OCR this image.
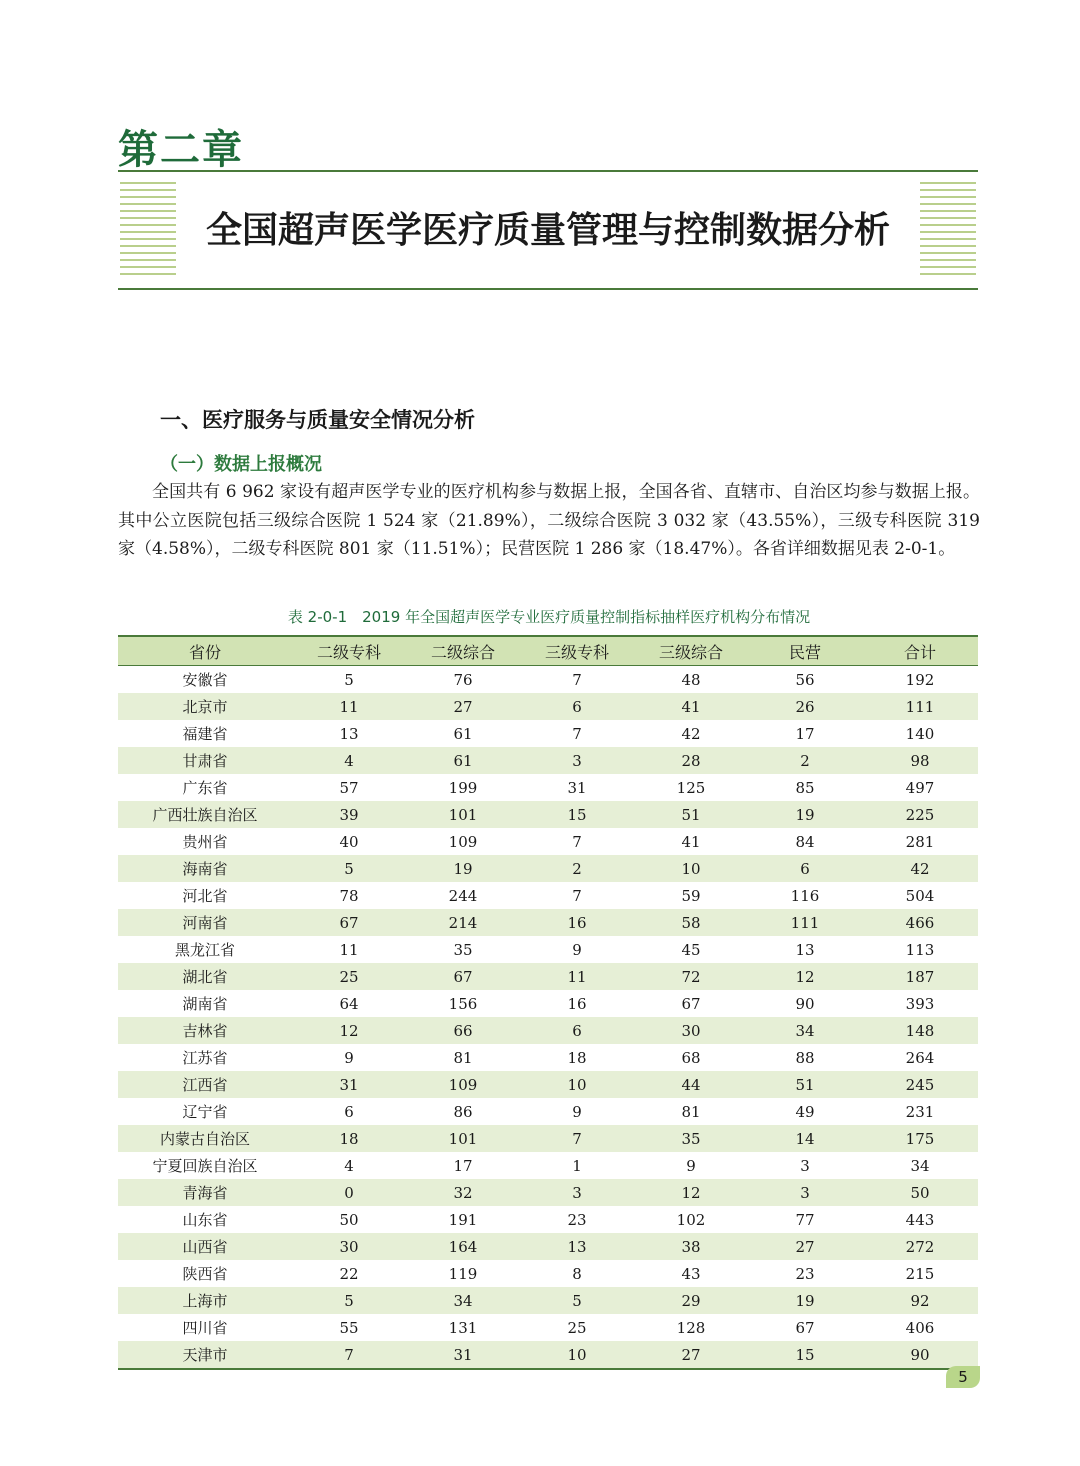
第二章
全国超声医学医疗质量管理与控制数据分析
一、医疗服务与质量安全情况分析
（一）数据上报概况

全国共有 6 962 家设有超声医学专业的医疗机构参与数据上报，全国各省、直辖市、自治区均参与数据上报。其中公立医院包括三级综合医院 1 524 家（21.89%），二级综合医院 3 032 家（43.55%），三级专科医院 319 家（4.58%），二级专科医院 801 家（11.51%）；民营医院 1 286 家（18.47%）。各省详细数据见表 2-0-1。

表 2-0-1　2019 年全国超声医学专业医疗质量控制指标抽样医疗机构分布情况

省份	二级专科	二级综合	三级专科	三级综合	民营	合计
安徽省	5	76	7	48	56	192
北京市	11	27	6	41	26	111
福建省	13	61	7	42	17	140
甘肃省	4	61	3	28	2	98
广东省	57	199	31	125	85	497
广西壮族自治区	39	101	15	51	19	225
贵州省	40	109	7	41	84	281
海南省	5	19	2	10	6	42
河北省	78	244	7	59	116	504
河南省	67	214	16	58	111	466
黑龙江省	11	35	9	45	13	113
湖北省	25	67	11	72	12	187
湖南省	64	156	16	67	90	393
吉林省	12	66	6	30	34	148
江苏省	9	81	18	68	88	264
江西省	31	109	10	44	51	245
辽宁省	6	86	9	81	49	231
内蒙古自治区	18	101	7	35	14	175
宁夏回族自治区	4	17	1	9	3	34
青海省	0	32	3	12	3	50
山东省	50	191	23	102	77	443
山西省	30	164	13	38	27	272
陕西省	22	119	8	43	23	215
上海市	5	34	5	29	19	92
四川省	55	131	25	128	67	406
天津市	7	31	10	27	15	90
5
